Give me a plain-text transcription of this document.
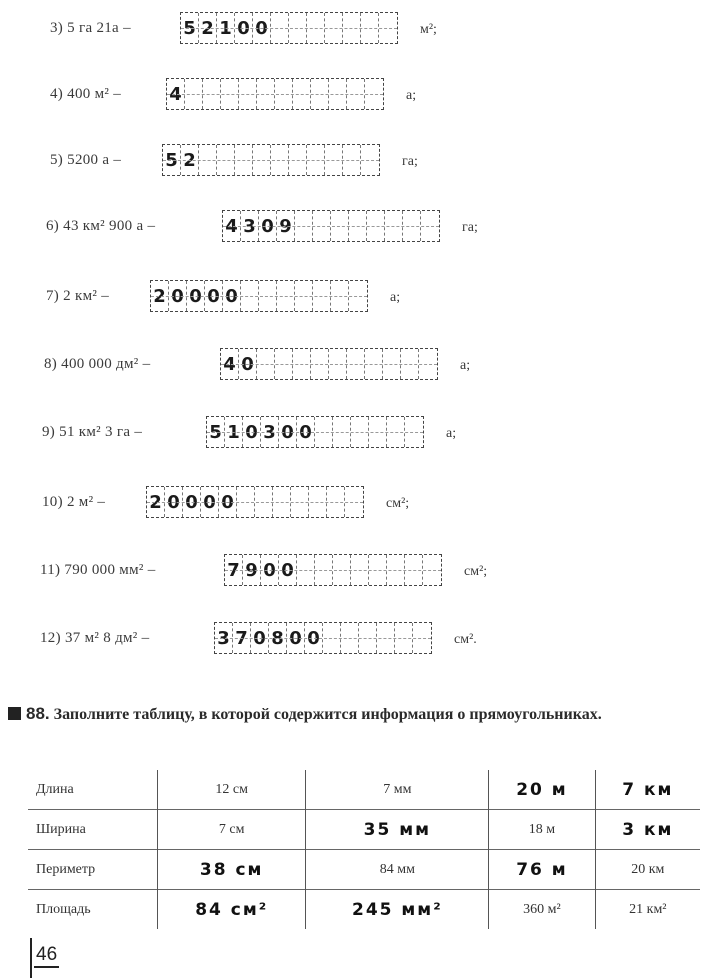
3) 5 га 21а –	5 2 1 0 0	м²;
4) 400 м² –	4	а;
5) 5200 а – 5 2	га;
6) 43 км² 900 а –	4 3 0 9	га;
7) 2 км² – 2 0 0 0 0	а;
8) 400 000 дм² –	4 0	а;
9) 51 км² 3 га –	5 1 0 3 0 0	а;
10) 2 м² – 2 0 0 0 0	см²;
11) 790 000 мм² –	7 9 0 0	см²;
12) 37 м² 8 дм² –	3 7 0 8 0 0	см².
88. Заполните таблицу, в которой содержится информация о прямоугольниках.
Длина	12 см	7 мм	20 м	7 км
Ширина	7 см	35 мм	18 м	3 км
Периметр	38 см	84 мм	76 м	20 км
Площадь	84 см²	245 мм²	360 м²	21 км²
46
